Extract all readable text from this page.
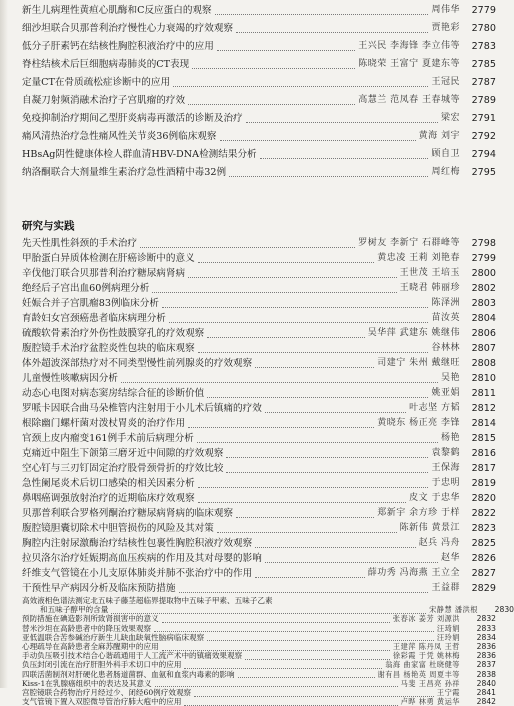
新生儿病理性黄疸心肌酶和C反应蛋白的观察	周伟华	2779
细沙坦联合贝那普利治疗慢性心力衰竭的疗效观察	贾艳彩	2780
低分子肝素钙在结核性胸腔积液治疗中的应用	王兴民 李海锋 李立伟等	2783
脊柱结核术后巨细胞病毒肺炎的CT表现	陈晓荣 王富宁 夏建东等	2785
定量CT在骨质疏松症诊断中的应用	王冠民	2787
自凝刀射频消融术治疗子宫肌瘤的疗效	高慧兰 范凤春 王春城等	2789
免疫抑制治疗期间乙型肝炎病毒再激活的诊断及治疗	梁宏	2791
痛风清热治疗急性痛风性关节炎36例临床观察	黄海 刘宇	2792
HBsAg阴性健康体检人群血清HBV-DNA检测结果分析	顾自卫	2794
纳洛酮联合大剂量维生素治疗急性酒精中毒32例	周红梅	2795
研究与实践
先天性肌性斜颈的手术治疗	罗树友 李新宁 石群峰等	2798
甲胎蛋白异质体检测在肝癌诊断中的意义	黄忠凌 王莉 刘艳春	2799
辛伐他汀联合贝那普利治疗糖尿病肾病	王世茂 王培玉	2800
绝经后子宫出血60例病理分析	王晓君 韩丽珍	2802
妊娠合并子宫肌瘤83例临床分析	陈泽洲	2803
育龄妇女宫颈癌患者临床病理分析	苗汝英	2804
硫酸软骨素治疗外伤性鼓膜穿孔的疗效观察	吴华萍 武建东 姚继伟	2806
腹腔镜手术治疗盆腔炎性包块的临床观察	谷林林	2807
体外超波深部热疗对不同类型慢性前列腺炎的疗效观察	司建宁 朱州 戴继旺	2808
儿童慢性咳嗽病因分析	吴艳	2810
动态心电图对病态窦房结综合征的诊断价值	姚亚娟	2811
罗哌卡因联合曲马朵椎管内注射用于小儿术后镇痛的疗效	叶志坚 方韬	2812
根除幽门螺杆菌对泼杖胃炎的治疗作用	黄晓东 杨正亮 李锋	2814
官颈上皮内瘤变161例手术前后病理分析	杨艳	2815
克痛近中阻生下颌第三磨牙近中间隙的疗效观察	袁黎鹤	2816
空心钉与三刃钉固定治疗股骨颈骨折的疗效比较	王保海	2817
急性阑尾炎术后切口感染的相关因素分析	于忠明	2819
鼻咽癌调强放射治疗的近期临床疗效观察	皮文 于忠华	2820
贝那普利联合罗格列酮治疗糖尿病肾病的临床观察	郑新宇 余方珍 于样	2822
腹腔镜胆囊切除术中胆管损伤的风险及其对策	陈新伟 黄景江	2823
胸腔内注射尿激酶治疗结核性包裹性胸腔积液疗效观察	赵兵 冯舟	2825
拉贝洛尔治疗妊娠期高血压疾病的作用及其对母婴的影响	赵华	2826
纤维支气管镜在小儿支原体肺炎并肺不张治疗中的作用	薛功秀 冯海燕 王立全	2827
干预性早产病因分析及临床预防措施	王益群	2829
高效液相色谱法测定北五味子藤茎超临界提取物中五味子甲素、五味子乙素
和五味子醇甲的含量	宋静慧 潘洪根	2830
预防措施在碘造影剂所致肾损害中的意义	张春冰 姜芳 刘源洪	2832
替米沙坦在高龄患者中的降压效果观察	汪琦娟	2833
亚低温联合苦参碱治疗新生儿缺血缺氧性脑病临床观察	汪玲娟	2834
心理疏导在高龄患者全麻苏醒期中的应用	王建萍 陈丹凤 王哲	2836
手动负压吸引技术结合心谐疏通用于人工流产术中的镇痛效果观察	徐彩霞 于凭 姚林梅	2836
负压封闭引流在治疗肝胆外科手术切口中的应用	翁海 曲家富 杜晓健等	2837
四联活菌制剂对肝硬化患者肠道菌群、血氨和血浆内毒素的影响	谢有昌 杨艳英 周夏丰等	2838
Kiss-1在乳腺癌组织中的表达及其意义	马斐 王昌亮 孙祥	2840
宫腔镜联合药物治疗月经过少、闭经60例疗效观察	王宁霞	2841
支气管镜下置入双腔微导管治疗肺大疱中的应用	卢晔 林勇 黄运华	2842
